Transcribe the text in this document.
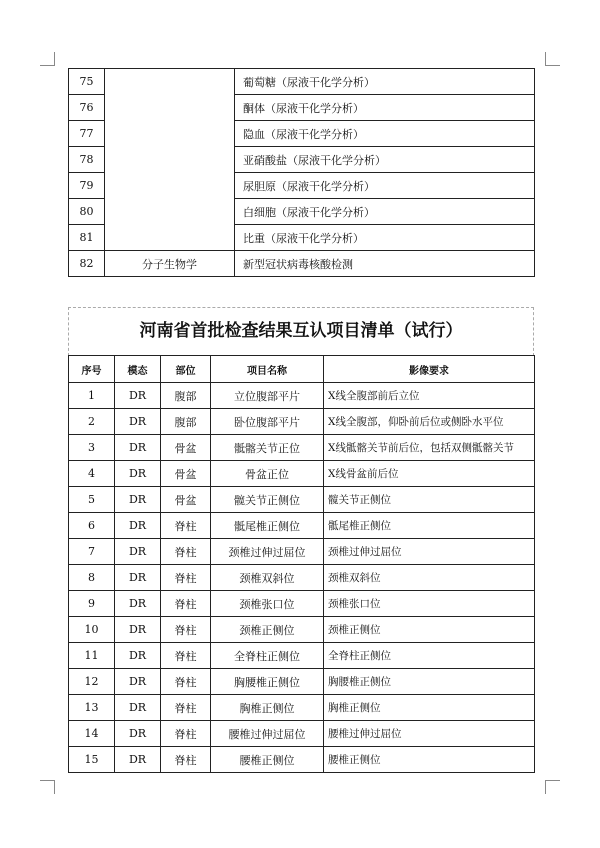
75		葡萄糖（尿液干化学分析）
76		酮体（尿液干化学分析）
77		隐血（尿液干化学分析）
78		亚硝酸盐（尿液干化学分析）
79		尿胆原（尿液干化学分析）
80		白细胞（尿液干化学分析）
81		比重（尿液干化学分析）
82	分子生物学	新型冠状病毒核酸检测
河南省首批检查结果互认项目清单（试行）
序号	模态	部位	项目名称	影像要求
1	DR	腹部	立位腹部平片	X线全腹部前后立位
2	DR	腹部	卧位腹部平片	X线全腹部，仰卧前后位或侧卧水平位
3	DR	骨盆	骶髂关节正位	X线骶髂关节前后位，包括双侧骶髂关节
4	DR	骨盆	骨盆正位	X线骨盆前后位
5	DR	骨盆	髋关节正侧位	髋关节正侧位
6	DR	脊柱	骶尾椎正侧位	骶尾椎正侧位
7	DR	脊柱	颈椎过伸过屈位	颈椎过伸过屈位
8	DR	脊柱	颈椎双斜位	颈椎双斜位
9	DR	脊柱	颈椎张口位	颈椎张口位
10	DR	脊柱	颈椎正侧位	颈椎正侧位
11	DR	脊柱	全脊柱正侧位	全脊柱正侧位
12	DR	脊柱	胸腰椎正侧位	胸腰椎正侧位
13	DR	脊柱	胸椎正侧位	胸椎正侧位
14	DR	脊柱	腰椎过伸过屈位	腰椎过伸过屈位
15	DR	脊柱	腰椎正侧位	腰椎正侧位
